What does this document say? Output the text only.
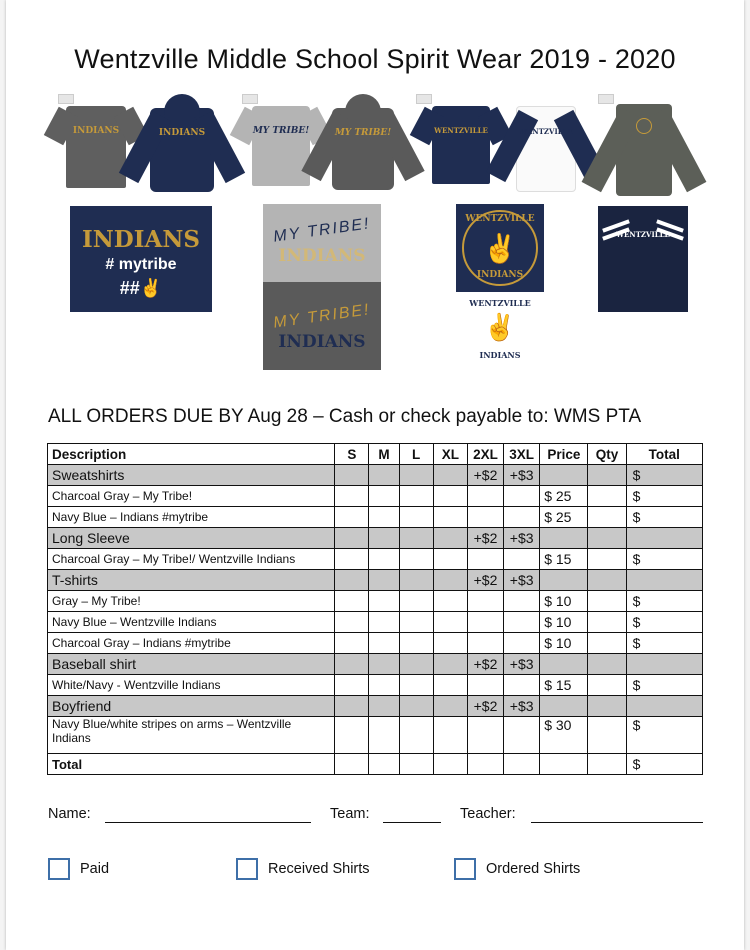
Wentzville Middle School Spirit Wear 2019 - 2020
INDIANS	INDIANS	MY TRIBE!	MY TRIBE!	WENTZVILLE	WENTZVILLE
INDIANS
# mytribe
##✌
MY TRIBE!
INDIANS
MY TRIBE!
INDIANS
WENTZVILLE
✌
INDIANS
WENTZVILLE
✌
INDIANS
WENTZVILLE
ALL ORDERS DUE BY Aug 28 – Cash or check payable to: WMS PTA
Description	S	M	L	XL	2XL	3XL	Price	Qty	Total
Sweatshirts					+$2	+$3			$
Charcoal Gray – My Tribe!							$ 25		$
Navy Blue – Indians #mytribe							$ 25		$
Long Sleeve					+$2	+$3			
Charcoal Gray – My Tribe!/ Wentzville Indians							$ 15		$
T-shirts					+$2	+$3			
Gray – My Tribe!							$ 10		$
Navy Blue – Wentzville Indians							$ 10		$
Charcoal Gray – Indians #mytribe							$ 10		$
Baseball shirt					+$2	+$3			
White/Navy - Wentzville Indians							$ 15		$
Boyfriend					+$2	+$3			
Navy Blue/white stripes on arms – Wentzville Indians							$ 30		$
Total									$
Name:	Team:	Teacher:
Paid	Received Shirts	Ordered Shirts
